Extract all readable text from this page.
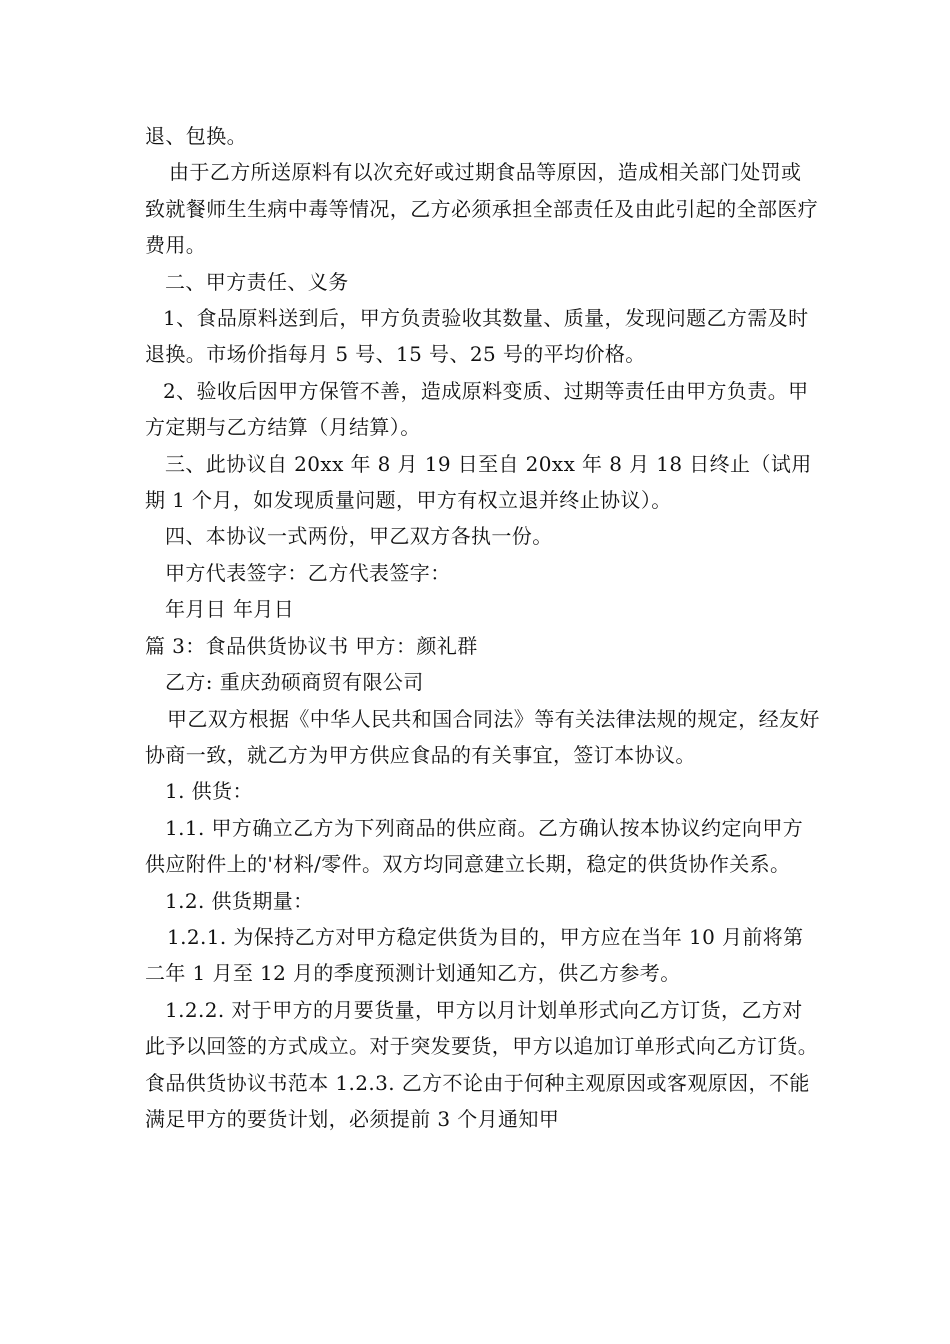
退、包换。

由于乙方所送原料有以次充好或过期食品等原因，造成相关部门处罚或致就餐师生生病中毒等情况，乙方必须承担全部责任及由此引起的全部医疗费用。

二、甲方责任、义务

1、食品原料送到后，甲方负责验收其数量、质量，发现问题乙方需及时退换。市场价指每月 5 号、15 号、25 号的平均价格。

2、验收后因甲方保管不善，造成原料变质、过期等责任由甲方负责。甲方定期与乙方结算（月结算）。

三、此协议自 20xx 年 8 月 19 日至自 20xx 年 8 月 18 日终止（试用期 1 个月，如发现质量问题，甲方有权立退并终止协议）。

四、本协议一式两份，甲乙双方各执一份。

甲方代表签字：乙方代表签字：

年月日 年月日

篇 3：食品供货协议书 甲方：颜礼群

乙方: 重庆劲硕商贸有限公司

甲乙双方根据《中华人民共和国合同法》等有关法律法规的规定，经友好协商一致，就乙方为甲方供应食品的有关事宜，签订本协议。

1. 供货：

1.1. 甲方确立乙方为下列商品的供应商。乙方确认按本协议约定向甲方供应附件上的'材料/零件。双方均同意建立长期，稳定的供货协作关系。

1.2. 供货期量：

1.2.1. 为保持乙方对甲方稳定供货为目的，甲方应在当年 10 月前将第二年 1 月至 12 月的季度预测计划通知乙方，供乙方参考。

1.2.2. 对于甲方的月要货量，甲方以月计划单形式向乙方订货，乙方对此予以回签的方式成立。对于突发要货，甲方以追加订单形式向乙方订货。食品供货协议书范本 1.2.3. 乙方不论由于何种主观原因或客观原因，不能满足甲方的要货计划，必须提前 3 个月通知甲
